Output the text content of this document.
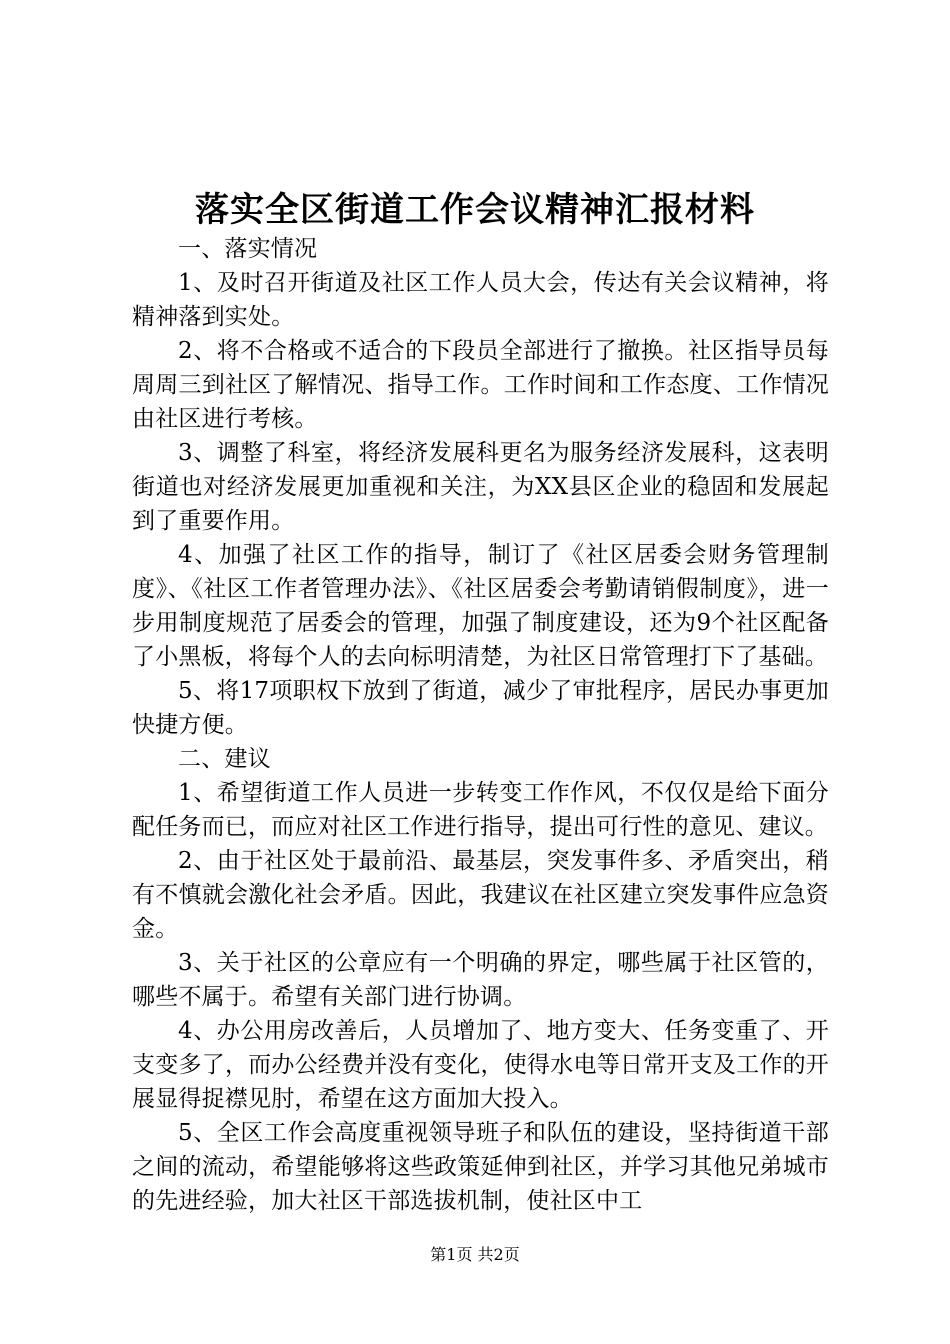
落实全区街道工作会议精神汇报材料

一、落实情况

1、及时召开街道及社区工作人员大会，传达有关会议精神，将精神落到实处。

2、将不合格或不适合的下段员全部进行了撤换。社区指导员每周周三到社区了解情况、指导工作。工作时间和工作态度、工作情况由社区进行考核。

3、调整了科室，将经济发展科更名为服务经济发展科，这表明街道也对经济发展更加重视和关注，为XX县区企业的稳固和发展起到了重要作用。

4、加强了社区工作的指导，制订了《社区居委会财务管理制度》、《社区工作者管理办法》、《社区居委会考勤请销假制度》，进一步用制度规范了居委会的管理，加强了制度建设，还为9个社区配备了小黑板，将每个人的去向标明清楚，为社区日常管理打下了基础。

5、将17项职权下放到了街道，减少了审批程序，居民办事更加快捷方便。

二、建议

1、希望街道工作人员进一步转变工作作风，不仅仅是给下面分配任务而已，而应对社区工作进行指导，提出可行性的意见、建议。

2、由于社区处于最前沿、最基层，突发事件多、矛盾突出，稍有不慎就会激化社会矛盾。因此，我建议在社区建立突发事件应急资金。

3、关于社区的公章应有一个明确的界定，哪些属于社区管的，哪些不属于。希望有关部门进行协调。

4、办公用房改善后，人员增加了、地方变大、任务变重了、开支变多了，而办公经费并没有变化，使得水电等日常开支及工作的开展显得捉襟见肘，希望在这方面加大投入。

5、全区工作会高度重视领导班子和队伍的建设，坚持街道干部之间的流动，希望能够将这些政策延伸到社区，并学习其他兄弟城市的先进经验，加大社区干部选拔机制，使社区中工

第1页 共2页
